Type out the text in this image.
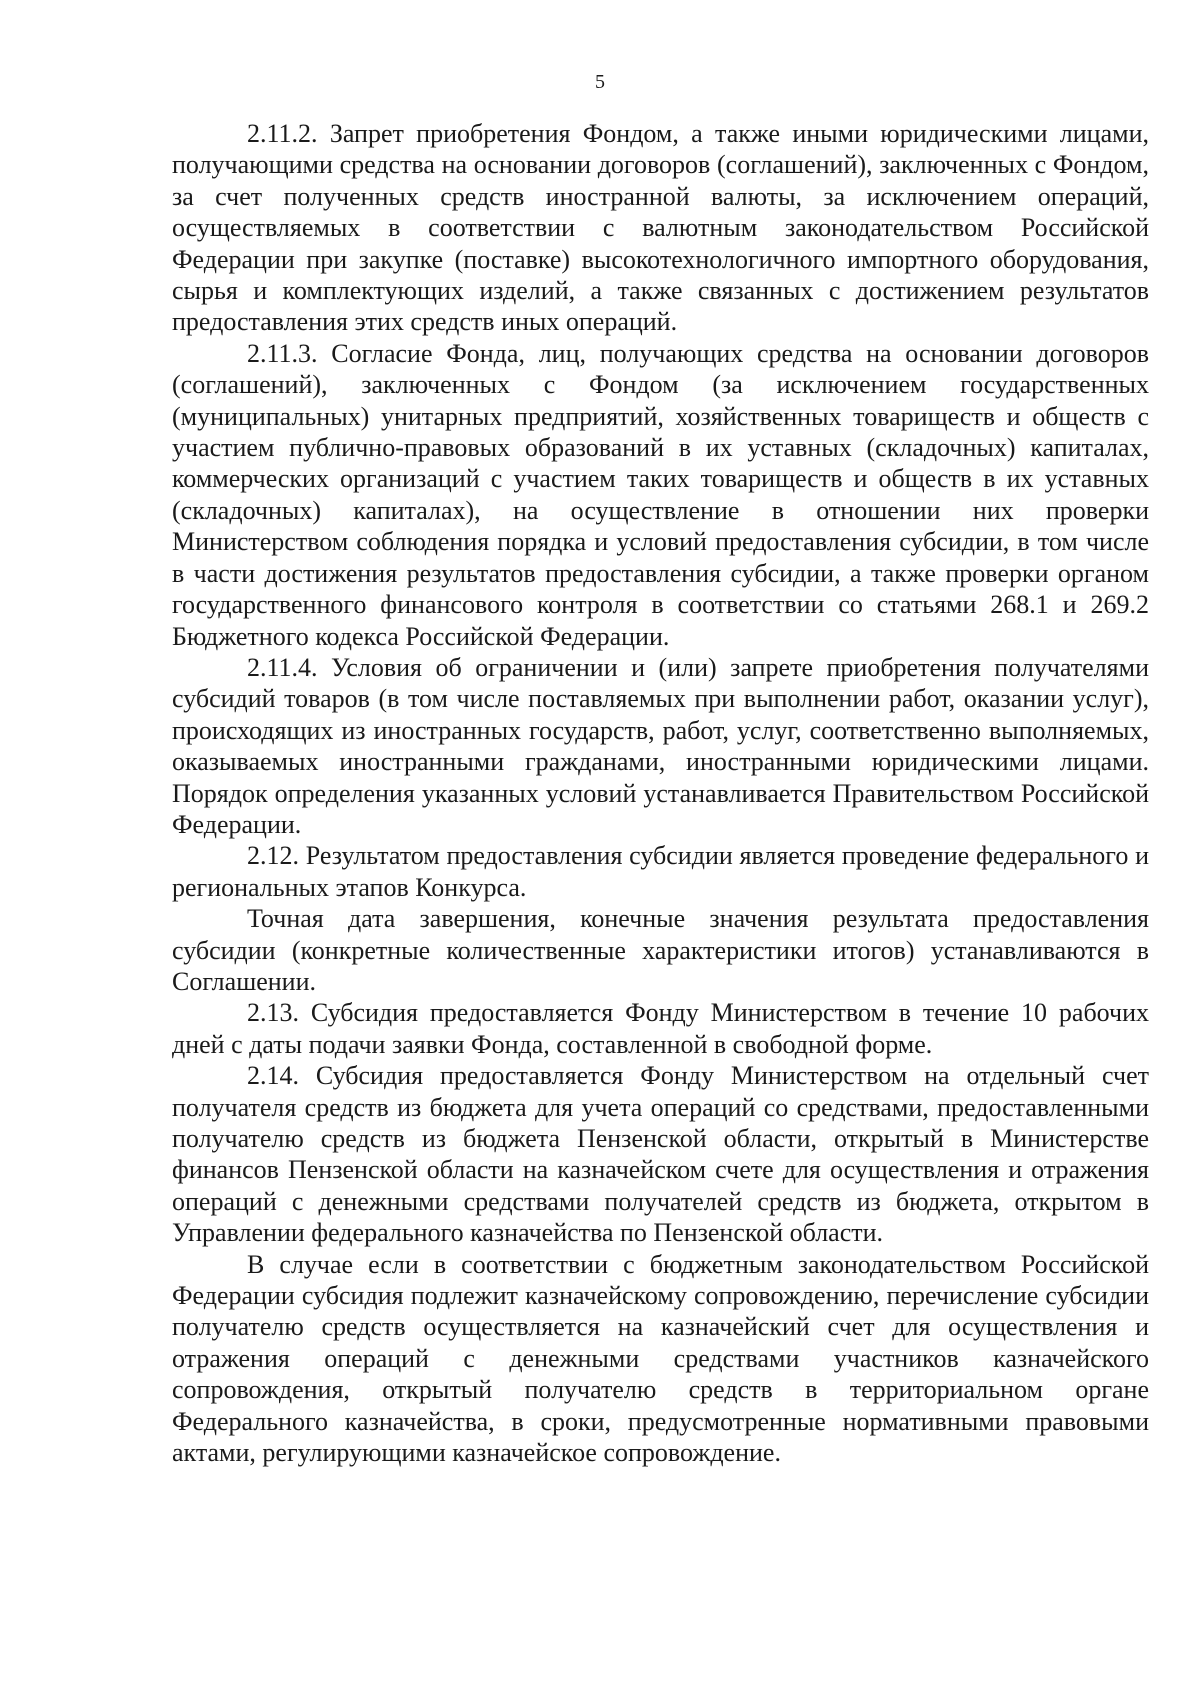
5

2.11.2. Запрет приобретения Фондом, а также иными юридическими лицами, получающими средства на основании договоров (соглашений), заключенных с Фондом, за счет полученных средств иностранной валюты, за исключением операций, осуществляемых в соответствии с валютным законодательством Российской Федерации при закупке (поставке) высокотехнологичного импортного оборудования, сырья и комплектующих изделий, а также связанных с достижением результатов предоставления этих средств иных операций.

2.11.3. Согласие Фонда, лиц, получающих средства на основании договоров (соглашений), заключенных с Фондом (за исключением государственных (муниципальных) унитарных предприятий, хозяйственных товариществ и обществ с участием публично-правовых образований в их уставных (складочных) капиталах, коммерческих организаций с участием таких товариществ и обществ в их уставных (складочных) капиталах), на осуществление в отношении них проверки Министерством соблюдения порядка и условий предоставления субсидии, в том числе в части достижения результатов предоставления субсидии, а также проверки органом государственного финансового контроля в соответствии со статьями 268.1 и 269.2 Бюджетного кодекса Российской Федерации.

2.11.4. Условия об ограничении и (или) запрете приобретения получателями субсидий товаров (в том числе поставляемых при выполнении работ, оказании услуг), происходящих из иностранных государств, работ, услуг, соответственно выполняемых, оказываемых иностранными гражданами, иностранными юридическими лицами. Порядок определения указанных условий устанавливается Правительством Российской Федерации.

2.12. Результатом предоставления субсидии является проведение федерального и региональных этапов Конкурса.

Точная дата завершения, конечные значения результата предоставления субсидии (конкретные количественные характеристики итогов) устанавливаются в Соглашении.

2.13. Субсидия предоставляется Фонду Министерством в течение 10 рабочих дней с даты подачи заявки Фонда, составленной в свободной форме.

2.14. Субсидия предоставляется Фонду Министерством на отдельный счет получателя средств из бюджета для учета операций со средствами, предоставленными получателю средств из бюджета Пензенской области, открытый в Министерстве финансов Пензенской области на казначейском счете для осуществления и отражения операций с денежными средствами получателей средств из бюджета, открытом в Управлении федерального казначейства по Пензенской области.

В случае если в соответствии с бюджетным законодательством Российской Федерации субсидия подлежит казначейскому сопровождению, перечисление субсидии получателю средств осуществляется на казначейский счет для осуществления и отражения операций с денежными средствами участников казначейского сопровождения, открытый получателю средств в территориальном органе Федерального казначейства, в сроки, предусмотренные нормативными правовыми актами, регулирующими казначейское сопровождение.
